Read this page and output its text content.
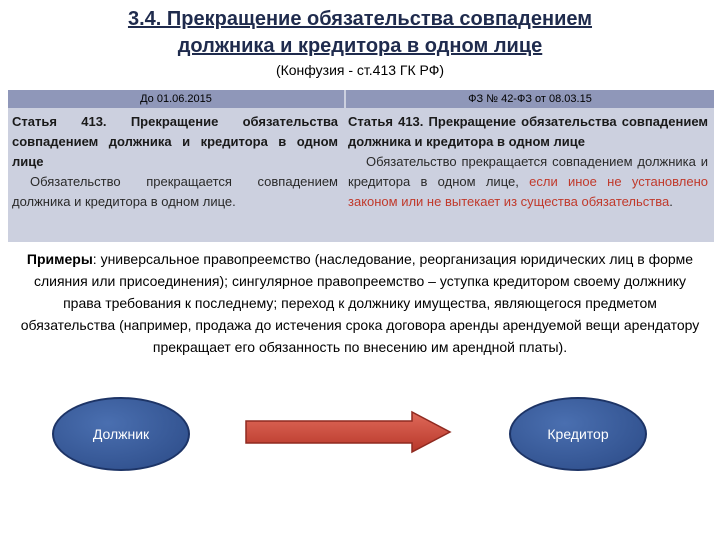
3.4. Прекращение обязательства совпадением
должника и кредитора в одном лице
(Конфузия - ст.413 ГК РФ)
До 01.06.2015	ФЗ № 42-ФЗ от 08.03.15
Статья 413. Прекращение обязательства совпадением должника и кредитора в одном лице
Обязательство прекращается совпадением должника и кредитора в одном лице.
Статья 413. Прекращение обязательства совпадением должника и кредитора в одном лице
Обязательство прекращается совпадением должника и кредитора в одном лице, если иное не установлено законом или не вытекает из существа обязательства.
Примеры: универсальное правопреемство (наследование, реорганизация юридических лиц в форме слияния или присоединения); сингулярное правопреемство – уступка кредитором своему должнику права требования к последнему; переход к должнику имущества, являющегося предметом обязательства (например, продажа до истечения срока договора аренды арендуемой вещи арендатору прекращает его обязанность по внесению им арендной платы).
Должник	Кредитор
